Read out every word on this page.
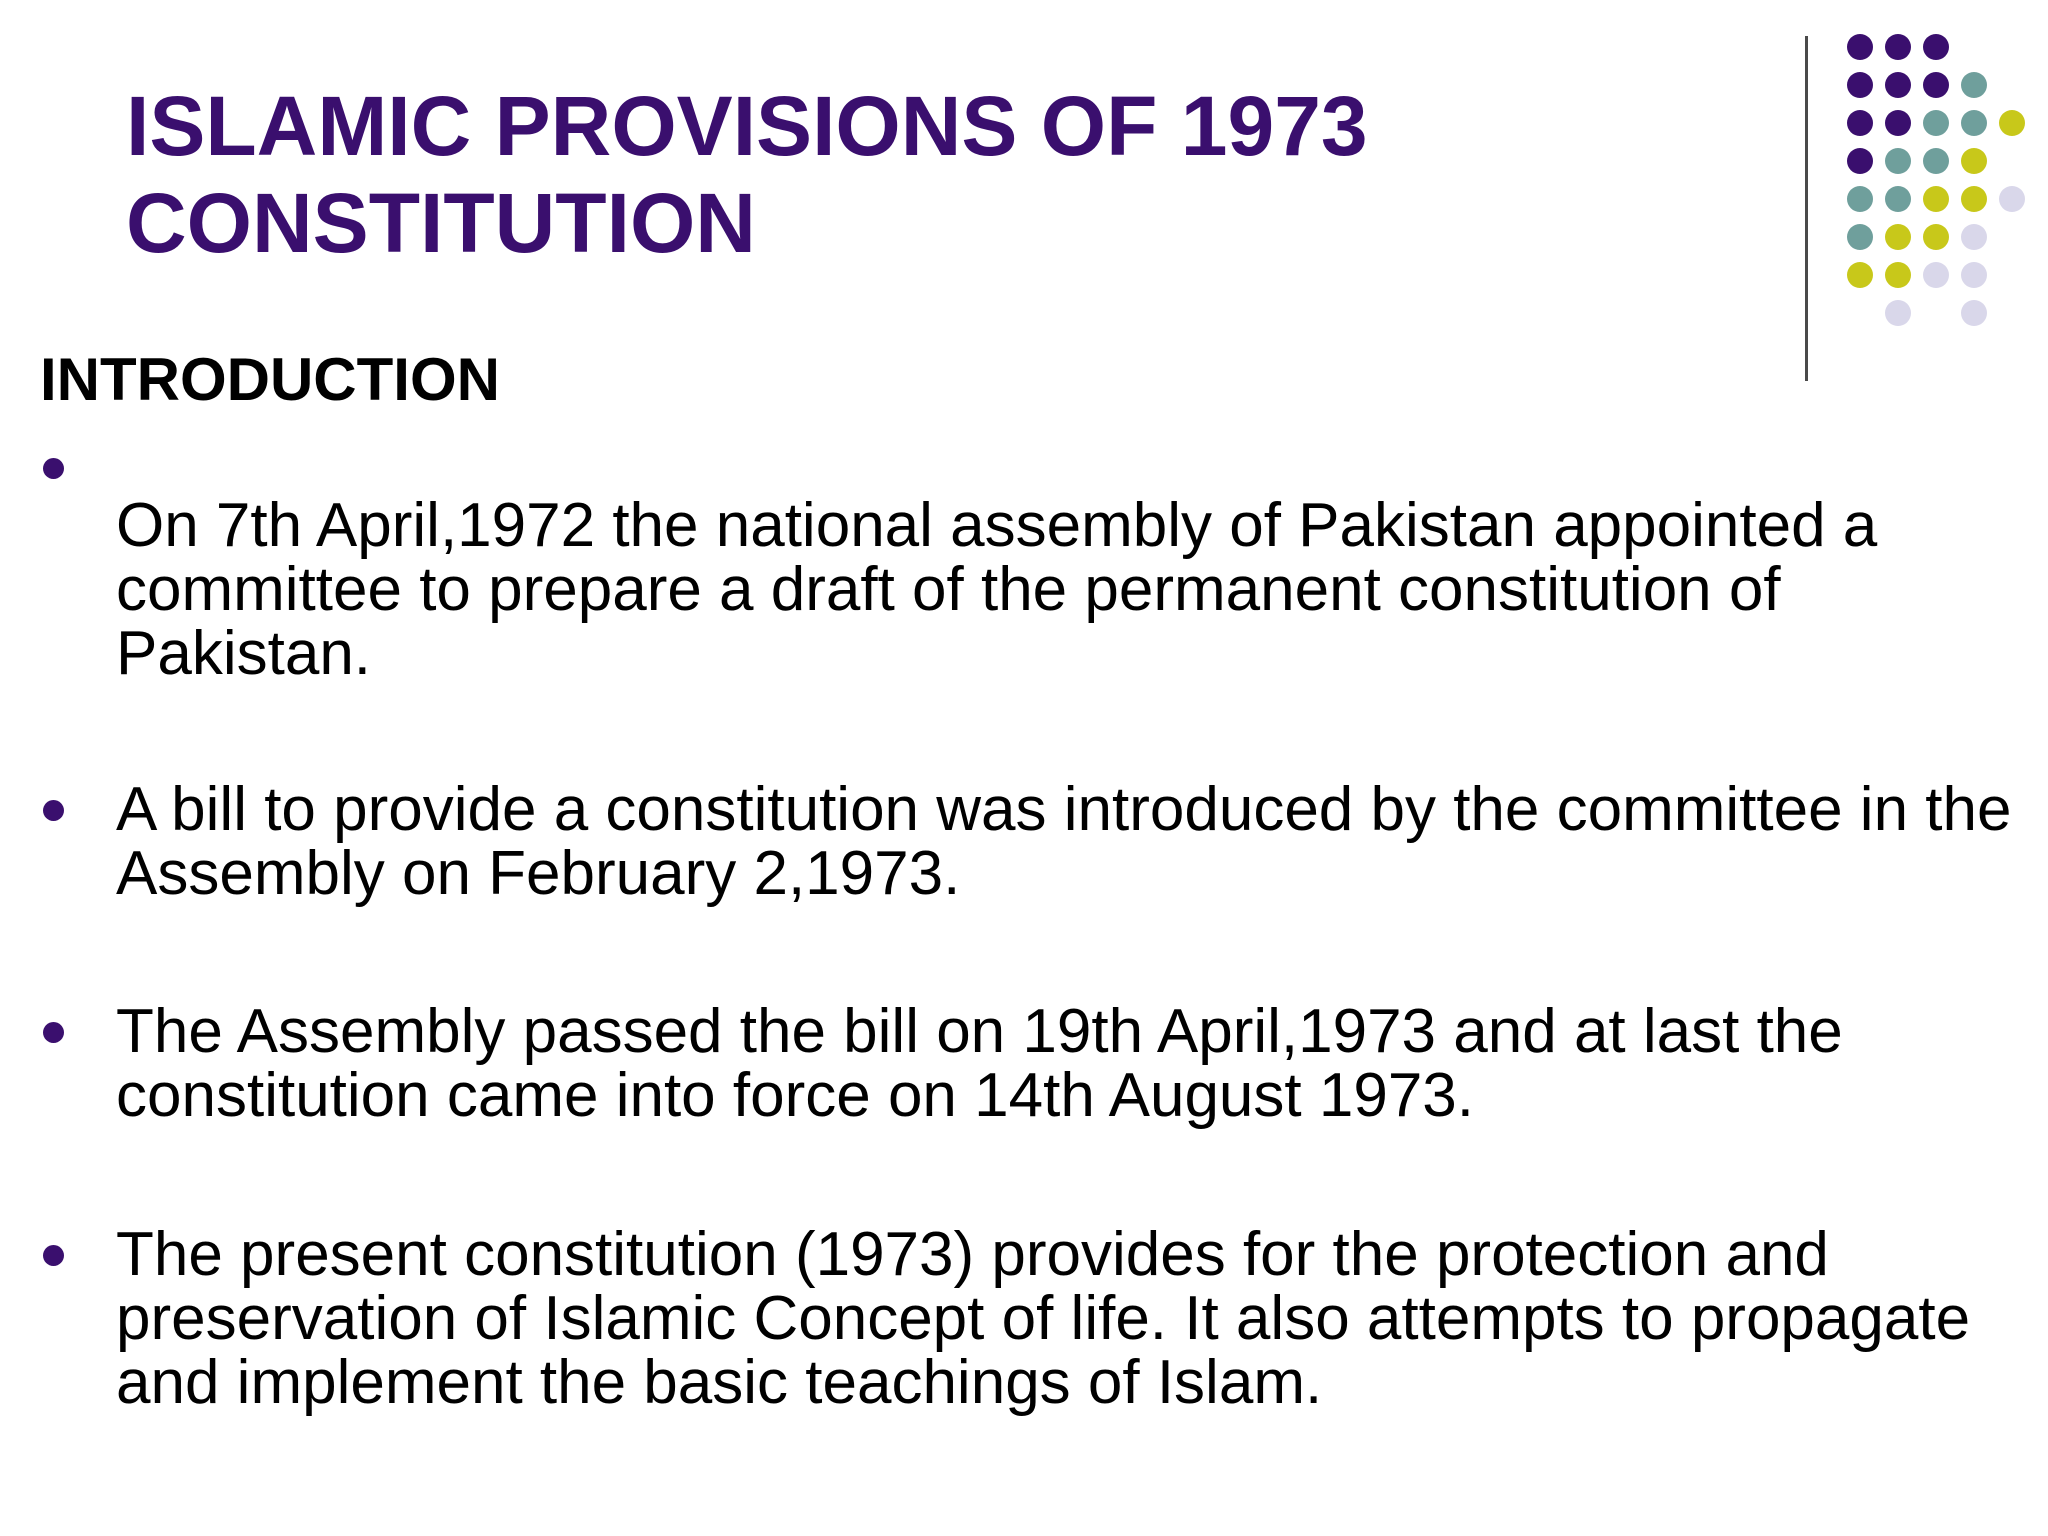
ISLAMIC PROVISIONS OF 1973
CONSTITUTION
INTRODUCTION
On 7th April,1972 the national assembly of Pakistan appointed a committee to prepare a draft of the permanent constitution of Pakistan.
A bill to provide a constitution was introduced by the committee in the Assembly on February 2,1973.
The Assembly passed the bill on 19th April,1973 and at last the constitution came into force on 14th August 1973.
The present constitution (1973) provides for the protection and preservation of Islamic Concept of life. It also attempts to propagate and implement the basic teachings of Islam.
